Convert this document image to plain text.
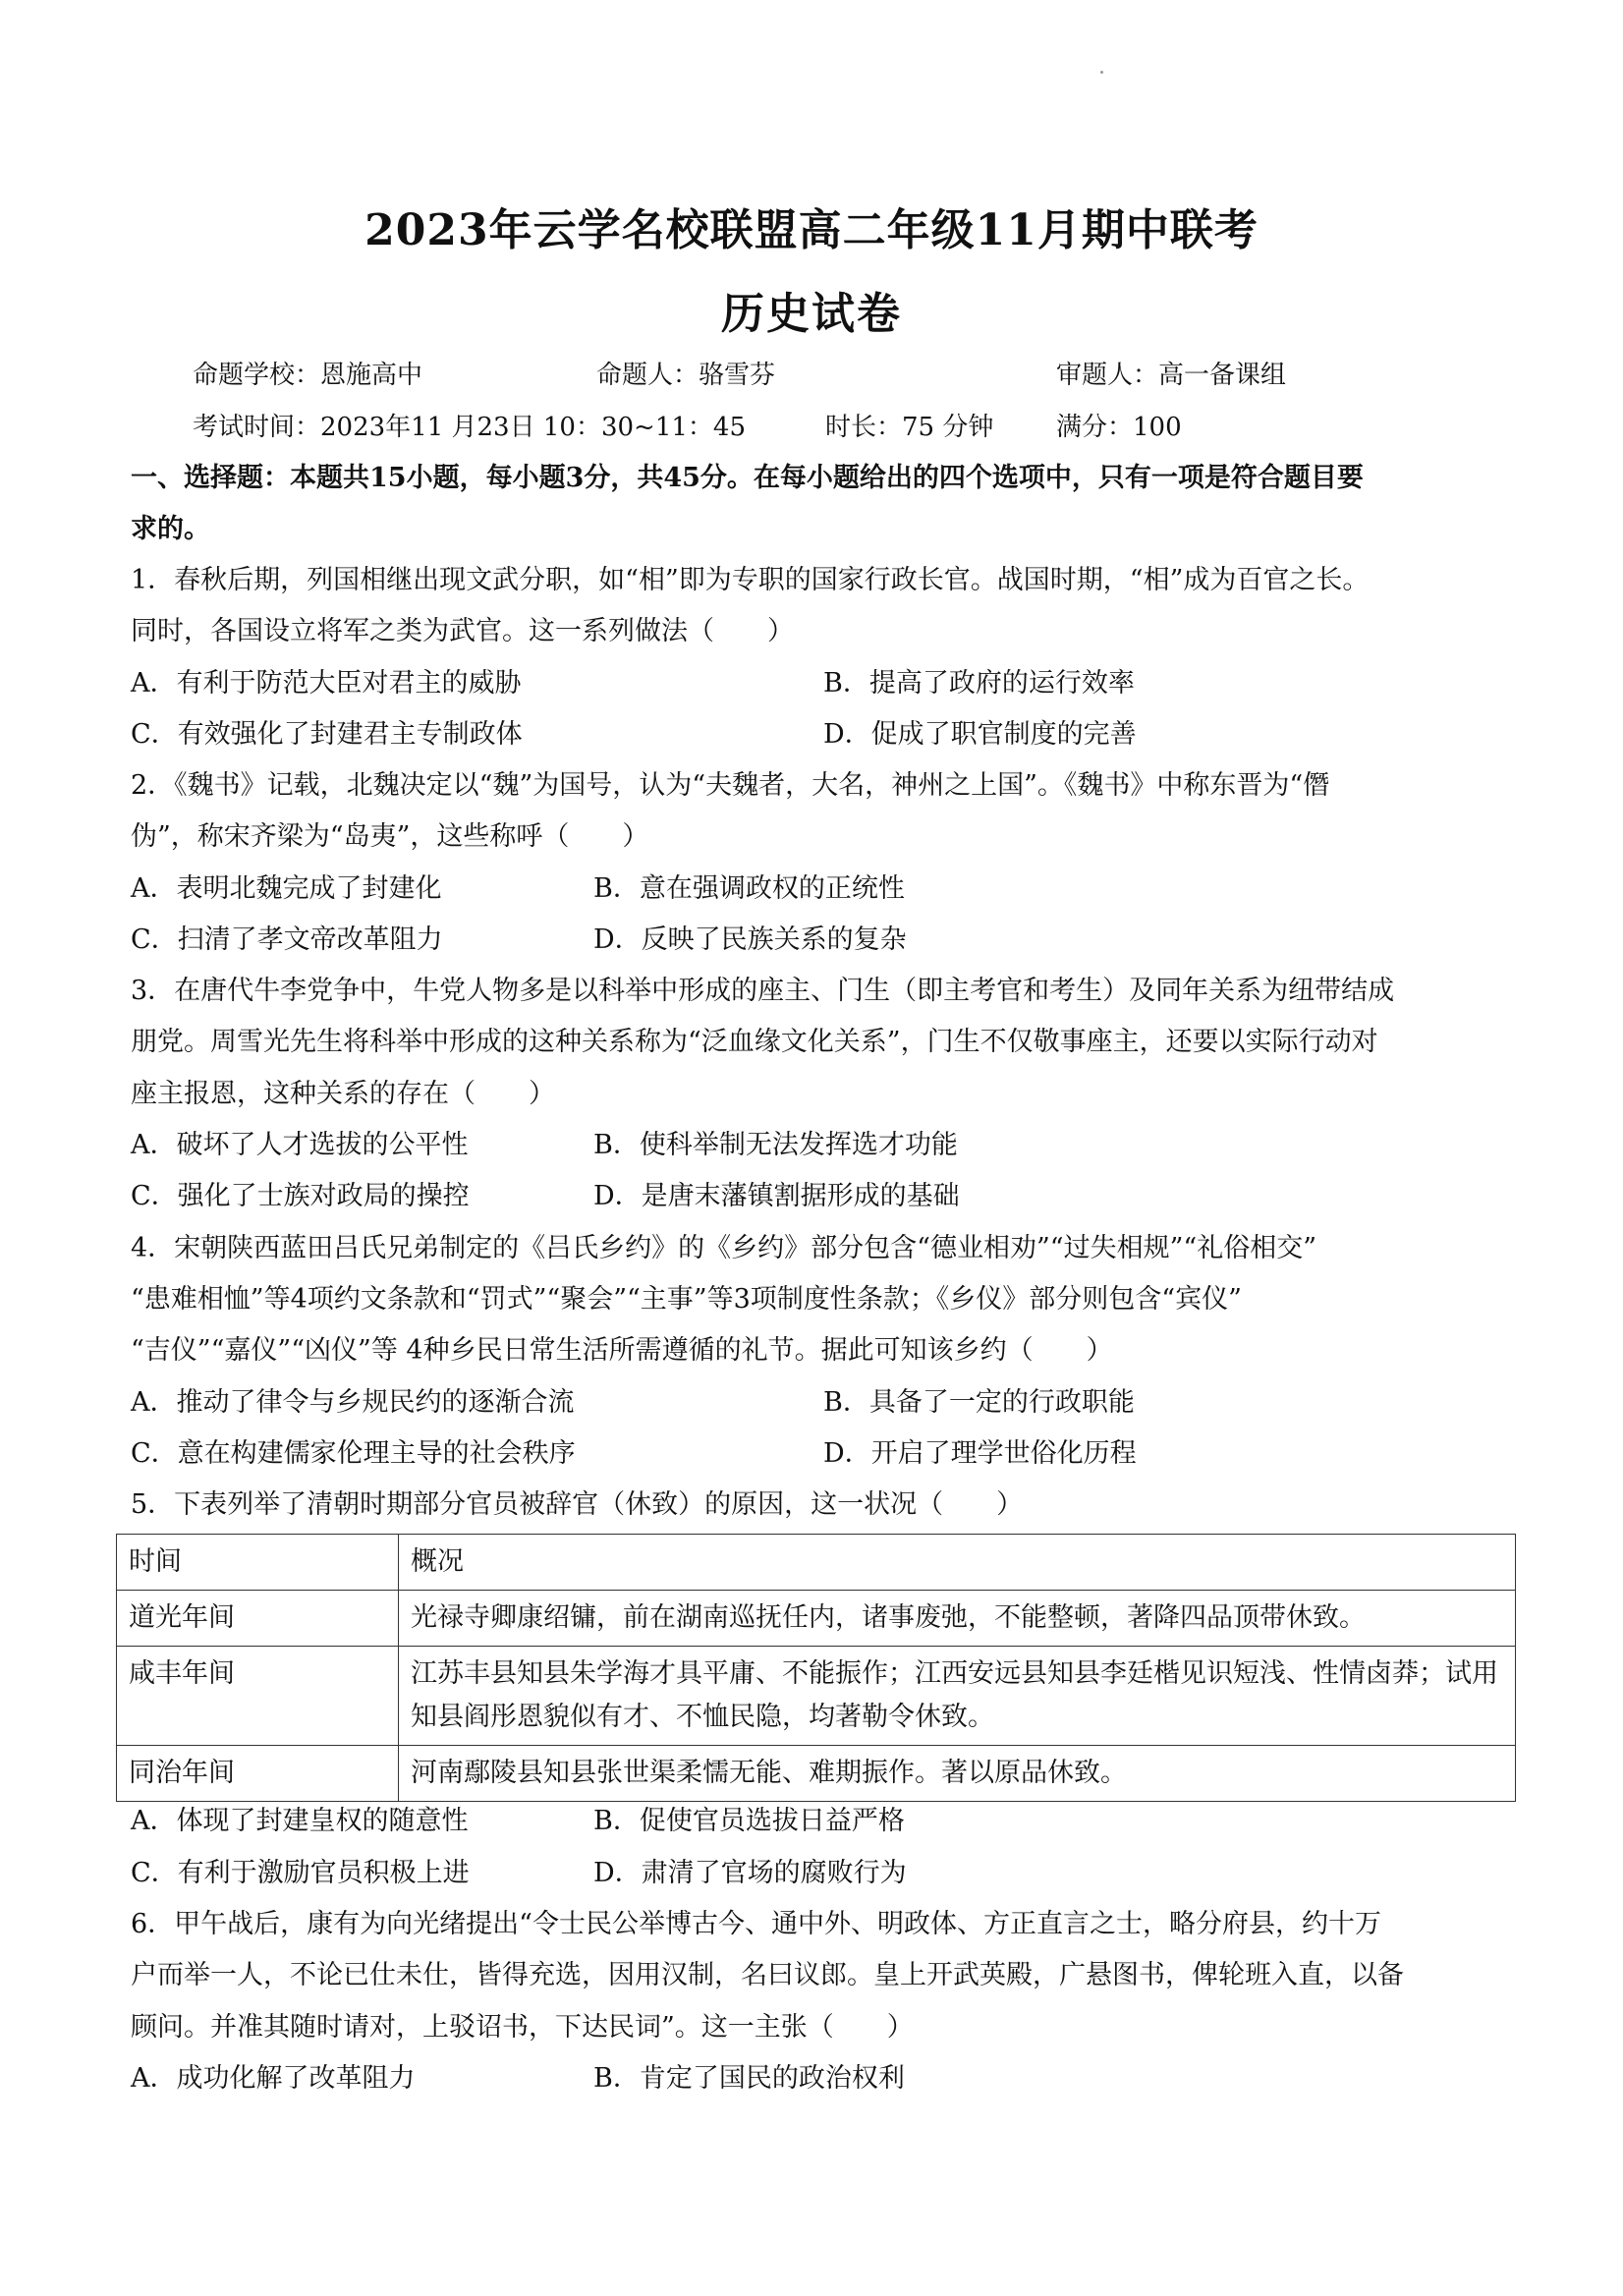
2023年云学名校联盟高二年级11月期中联考
历史试卷
命题学校：恩施高中	命题人：骆雪芬	审题人：高一备课组
考试时间：2023年11 月23日 10：30~11：45	时长：75 分钟 满分：100
一、选择题：本题共15小题，每小题3分，共45分。在每小题给出的四个选项中，只有一项是符合题目要
求的。
1．春秋后期，列国相继出现文武分职，如“相”即为专职的国家行政长官。战国时期，“相”成为百官之长。
同时，各国设立将军之类为武官。这一系列做法（　　）
A．有利于防范大臣对君主的威胁	B．提高了政府的运行效率
C．有效强化了封建君主专制政体	D．促成了职官制度的完善
2．《魏书》记载，北魏决定以“魏”为国号，认为“夫魏者，大名，神州之上国”。《魏书》中称东晋为“僭
伪”，称宋齐梁为“岛夷”，这些称呼（　　）
A．表明北魏完成了封建化	B．意在强调政权的正统性
C．扫清了孝文帝改革阻力	D．反映了民族关系的复杂
3．在唐代牛李党争中，牛党人物多是以科举中形成的座主、门生（即主考官和考生）及同年关系为纽带结成
朋党。周雪光先生将科举中形成的这种关系称为“泛血缘文化关系”，门生不仅敬事座主，还要以实际行动对
座主报恩，这种关系的存在（　　）
A．破坏了人才选拔的公平性	B．使科举制无法发挥选才功能
C．强化了士族对政局的操控	D．是唐末藩镇割据形成的基础
4．宋朝陕西蓝田吕氏兄弟制定的《吕氏乡约》的《乡约》部分包含“德业相劝”“过失相规”“礼俗相交”
“患难相恤”等4项约文条款和“罚式”“聚会”“主事”等3项制度性条款；《乡仪》部分则包含“宾仪”
“吉仪”“嘉仪”“凶仪”等 4种乡民日常生活所需遵循的礼节。据此可知该乡约（　　）
A．推动了律令与乡规民约的逐渐合流	B．具备了一定的行政职能
C．意在构建儒家伦理主导的社会秩序	D．开启了理学世俗化历程
5．下表列举了清朝时期部分官员被辞官（休致）的原因，这一状况（　　）
时间	概况
道光年间	光禄寺卿康绍镛，前在湖南巡抚任内，诸事废弛，不能整顿，著降四品顶带休致。
咸丰年间	江苏丰县知县朱学海才具平庸、不能振作；江西安远县知县李廷楷见识短浅、性情卤莽；试用知县阎彤恩貌似有才、不恤民隐，均著勒令休致。
同治年间	河南鄢陵县知县张世渠柔懦无能、难期振作。著以原品休致。
A．体现了封建皇权的随意性	B．促使官员选拔日益严格
C．有利于激励官员积极上进	D．肃清了官场的腐败行为
6．甲午战后，康有为向光绪提出“令士民公举博古今、通中外、明政体、方正直言之士，略分府县，约十万
户而举一人，不论已仕未仕，皆得充选，因用汉制，名曰议郎。皇上开武英殿，广悬图书，俾轮班入直，以备
顾问。并准其随时请对，上驳诏书，下达民词”。这一主张（　　）
A．成功化解了改革阻力	B．肯定了国民的政治权利
